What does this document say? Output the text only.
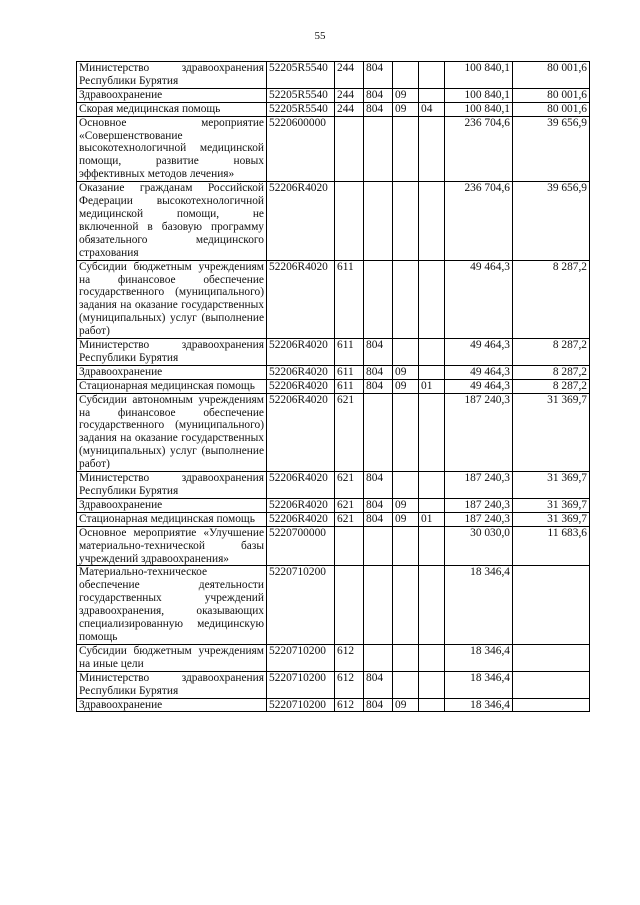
55
Министерство здравоохранения Республики Бурятия	52205R5540	244	804			100 840,1	80 001,6
Здравоохранение	52205R5540	244	804	09		100 840,1	80 001,6
Скорая медицинская помощь	52205R5540	244	804	09	04	100 840,1	80 001,6
Основное мероприятие «Совершенствование высокотехнологичной медицинской помощи, развитие новых эффективных методов лечения»	5220600000					236 704,6	39 656,9
Оказание гражданам Российской Федерации высокотехнологичной медицинской помощи, не включенной в базовую программу обязательного медицинского страхования	52206R4020					236 704,6	39 656,9
Субсидии бюджетным учреждениям на финансовое обеспечение государственного (муниципального) задания на оказание государственных (муниципальных) услуг (выполнение работ)	52206R4020	611				49 464,3	8 287,2
Министерство здравоохранения Республики Бурятия	52206R4020	611	804			49 464,3	8 287,2
Здравоохранение	52206R4020	611	804	09		49 464,3	8 287,2
Стационарная медицинская помощь	52206R4020	611	804	09	01	49 464,3	8 287,2
Субсидии автономным учреждениям на финансовое обеспечение государственного (муниципального) задания на оказание государственных (муниципальных) услуг (выполнение работ)	52206R4020	621				187 240,3	31 369,7
Министерство здравоохранения Республики Бурятия	52206R4020	621	804			187 240,3	31 369,7
Здравоохранение	52206R4020	621	804	09		187 240,3	31 369,7
Стационарная медицинская помощь	52206R4020	621	804	09	01	187 240,3	31 369,7
Основное мероприятие «Улучшение материально-технической базы учреждений здравоохранения»	5220700000					30 030,0	11 683,6
Материально-техническое обеспечение деятельности государственных учреждений здравоохранения, оказывающих специализированную медицинскую помощь	5220710200					18 346,4	
Субсидии бюджетным учреждениям на иные цели	5220710200	612				18 346,4	
Министерство здравоохранения Республики Бурятия	5220710200	612	804			18 346,4	
Здравоохранение	5220710200	612	804	09		18 346,4	
